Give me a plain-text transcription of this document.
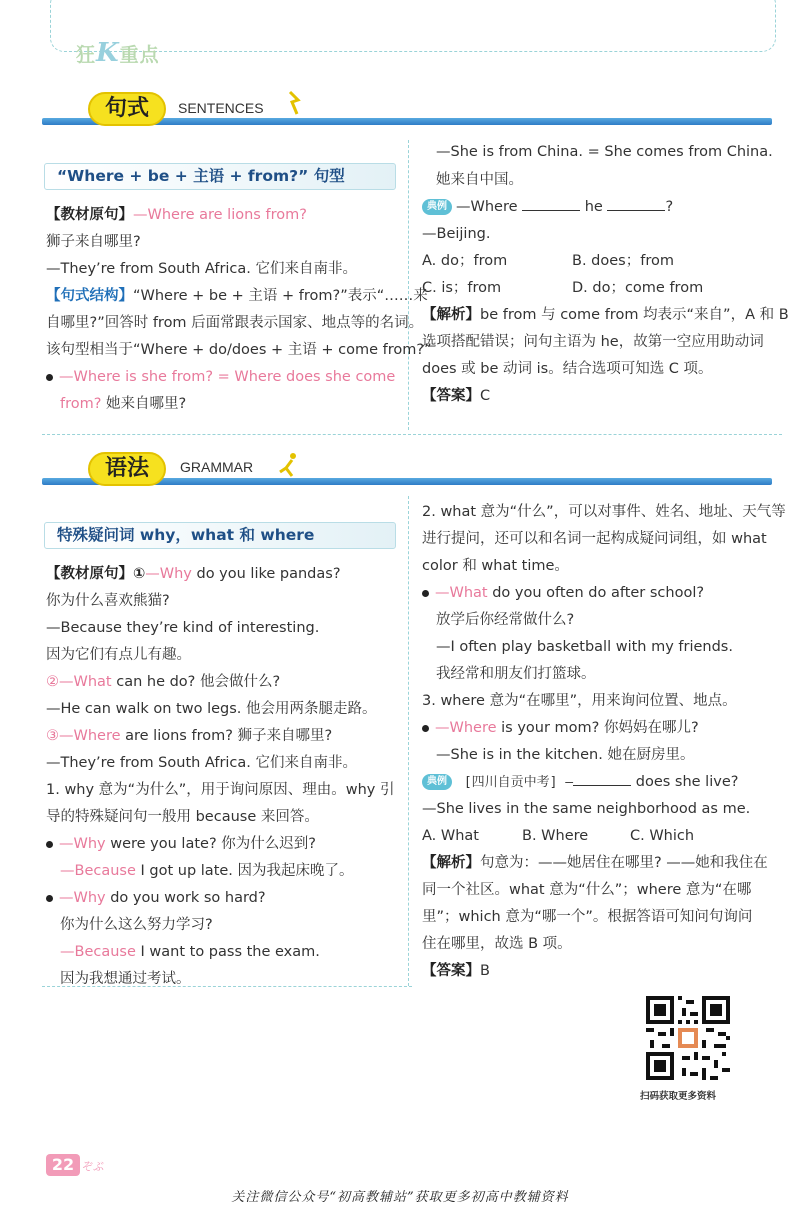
狂K重点
句式	SENTENCES
“Where + be + 主语 + from?” 句型
【教材原句】—Where are lions from?
狮子来自哪里?
—They’re from South Africa. 它们来自南非。
【句式结构】“Where + be + 主语 + from?”表示“……来
自哪里?”回答时 from 后面常跟表示国家、地点等的名词。
该句型相当于“Where + do/does + 主语 + come from?”
—Where is she from? = Where does she come
from? 她来自哪里?
—She is from China. = She comes from China.
她来自中国。
典例 —Where	he	?
—Beijing.
A. do；from	B. does；from
C. is；from	D. do；come from
【解析】be from 与 come from 均表示“来自”，A 和 B
选项搭配错误；问句主语为 he，故第一空应用助动词
does 或 be 动词 is。结合选项可知选 C 项。
【答案】C
语法	GRAMMAR
特殊疑问词 why，what 和 where
【教材原句】①—Why do you like pandas?
你为什么喜欢熊猫?
—Because they’re kind of interesting.
因为它们有点儿有趣。
②—What can he do? 他会做什么?
—He can walk on two legs. 他会用两条腿走路。
③—Where are lions from? 狮子来自哪里?
—They’re from South Africa. 它们来自南非。
1. why 意为“为什么”，用于询问原因、理由。why 引
导的特殊疑问句一般用 because 来回答。
—Why were you late? 你为什么迟到?
—Because I got up late. 因为我起床晚了。
—Why do you work so hard?
你为什么这么努力学习?
—Because I want to pass the exam.
因为我想通过考试。
2. what 意为“什么”，可以对事件、姓名、地址、天气等
进行提问，还可以和名词一起构成疑问词组，如 what
color 和 what time。
—What do you often do after school?
放学后你经常做什么?
—I often play basketball with my friends.
我经常和朋友们打篮球。
3. where 意为“在哪里”，用来询问位置、地点。
—Where is your mom? 你妈妈在哪儿?
—She is in the kitchen. 她在厨房里。
典例 [四川自贡中考] —	does she live?
—She lives in the same neighborhood as me.
A. What	B. Where	C. Which
【解析】句意为：——她居住在哪里? ——她和我住在
同一个社区。what 意为“什么”；where 意为“在哪
里”；which 意为“哪一个”。根据答语可知问句询问
住在哪里，故选 B 项。
【答案】B
扫码获取更多资料
22 ぞぶ
关注微信公众号“初高教辅站”获取更多初高中教辅资料
